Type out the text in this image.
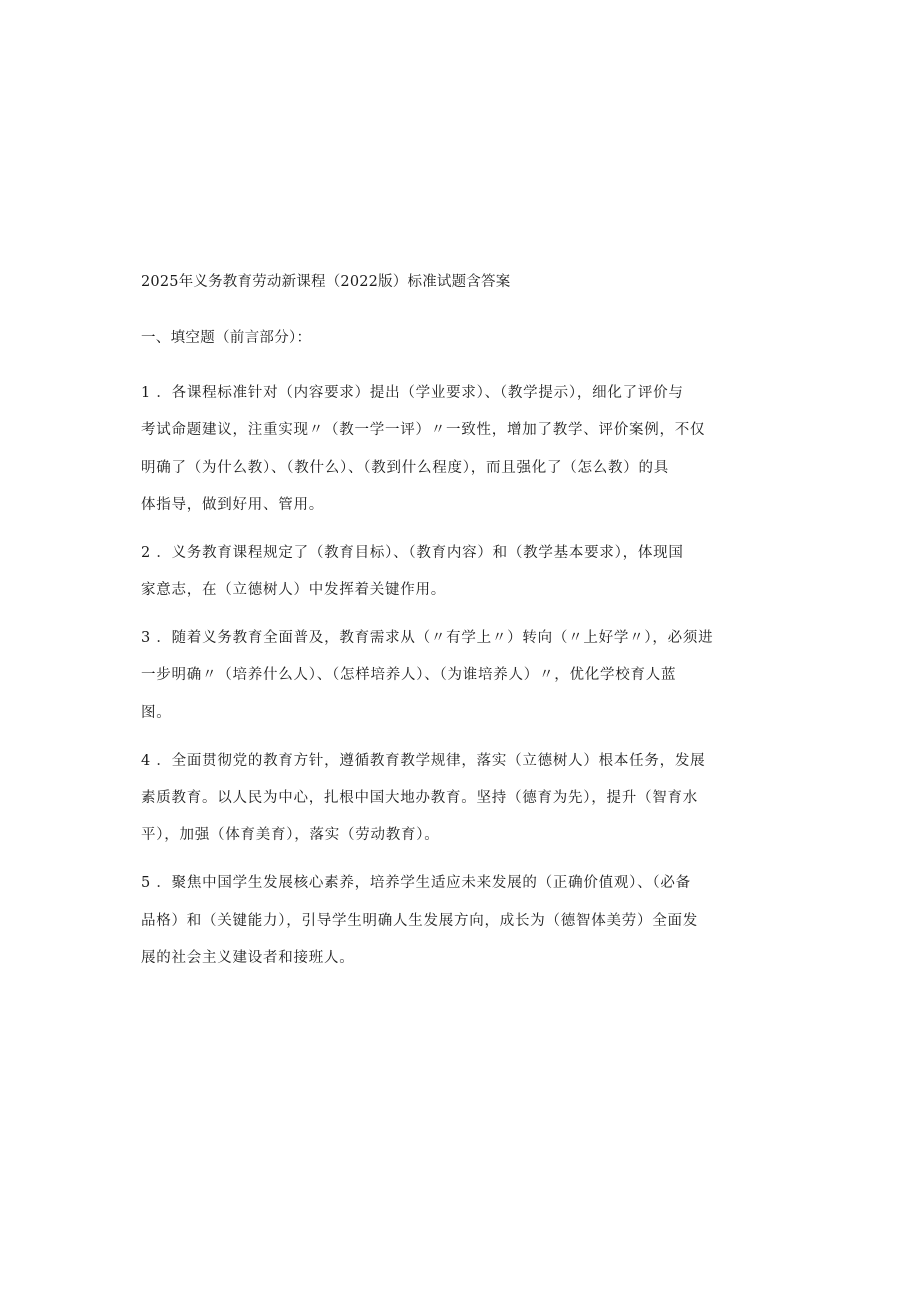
2025年义务教育劳动新课程（2022版）标准试题含答案
一、填空题（前言部分）：
1 ．各课程标准针对（内容要求）提出（学业要求）、（教学提示），细化了评价与
考试命题建议，注重实现〃（教一学一评）〃一致性，增加了教学、评价案例，不仅
明确了（为什么教）、（教什么）、（教到什么程度），而且强化了（怎么教）的具
体指导，做到好用、管用。
2 ．义务教育课程规定了（教育目标）、（教育内容）和（教学基本要求），体现国
家意志，在（立德树人）中发挥着关键作用。
3 ．随着义务教育全面普及，教育需求从（〃有学上〃）转向（〃上好学〃），必须进
一步明确〃（培养什么人）、（怎样培养人）、（为谁培养人）〃，优化学校育人蓝
图。
4 ．全面贯彻党的教育方针，遵循教育教学规律，落实（立德树人）根本任务，发展
素质教育。以人民为中心，扎根中国大地办教育。坚持（德育为先），提升（智育水
平），加强（体育美育），落实（劳动教育）。
5 ．聚焦中国学生发展核心素养，培养学生适应未来发展的（正确价值观）、（必备
品格）和（关键能力），引导学生明确人生发展方向，成长为（德智体美劳）全面发
展的社会主义建设者和接班人。
